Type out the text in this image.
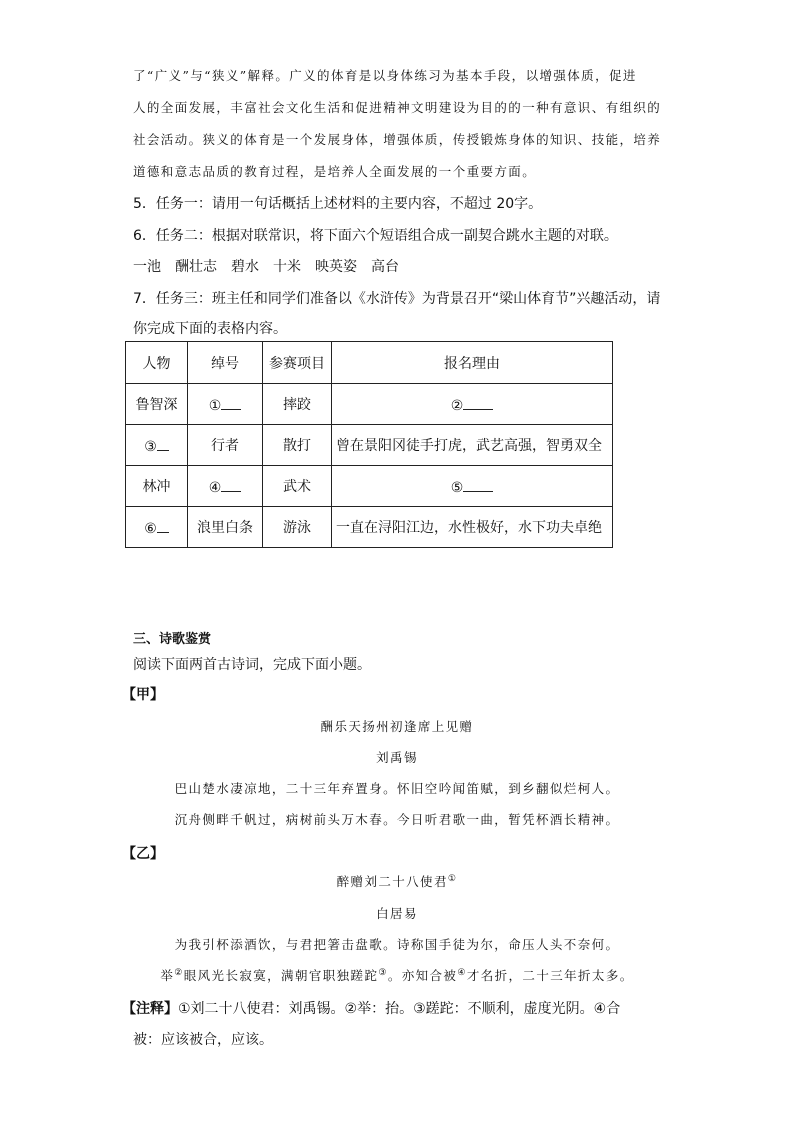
了“广义”与“狭义”解释。广义的体育是以身体练习为基本手段，以增强体质，促进
人的全面发展，丰富社会文化生活和促进精神文明建设为目的的一种有意识、有组织的
社会活动。狭义的体育是一个发展身体，增强体质，传授锻炼身体的知识、技能，培养
道德和意志品质的教育过程，是培养人全面发展的一个重要方面。
5．任务一：请用一句话概括上述材料的主要内容，不超过 20字。
6．任务二：根据对联常识，将下面六个短语组合成一副契合跳水主题的对联。
一池　酬壮志　碧水　十米　映英姿　高台
7．任务三：班主任和同学们准备以《水浒传》为背景召开“梁山体育节”兴趣活动，请
你完成下面的表格内容。
人物	绰号	参赛项目	报名理由
鲁智深	①	摔跤	②
③	行者	散打	曾在景阳冈徒手打虎，武艺高强，智勇双全
林冲	④	武术	⑤
⑥	浪里白条	游泳	一直在浔阳江边，水性极好，水下功夫卓绝
三、诗歌鉴赏
阅读下面两首古诗词，完成下面小题。
【甲】
酬乐天扬州初逢席上见赠
刘禹锡
巴山楚水凄凉地，二十三年弃置身。怀旧空吟闻笛赋，到乡翻似烂柯人。
沉舟侧畔千帆过，病树前头万木春。今日听君歌一曲，暂凭杯酒长精神。
【乙】
醉赠刘二十八使君①
白居易
为我引杯添酒饮，与君把箸击盘歌。诗称国手徒为尔，命压人头不奈何。
举②眼风光长寂寞，满朝官职独蹉跎③。亦知合被④才名折，二十三年折太多。
【注释】①刘二十八使君：刘禹锡。②举：抬。③蹉跎：不顺利，虚度光阴。④合
被：应该被合，应该。
